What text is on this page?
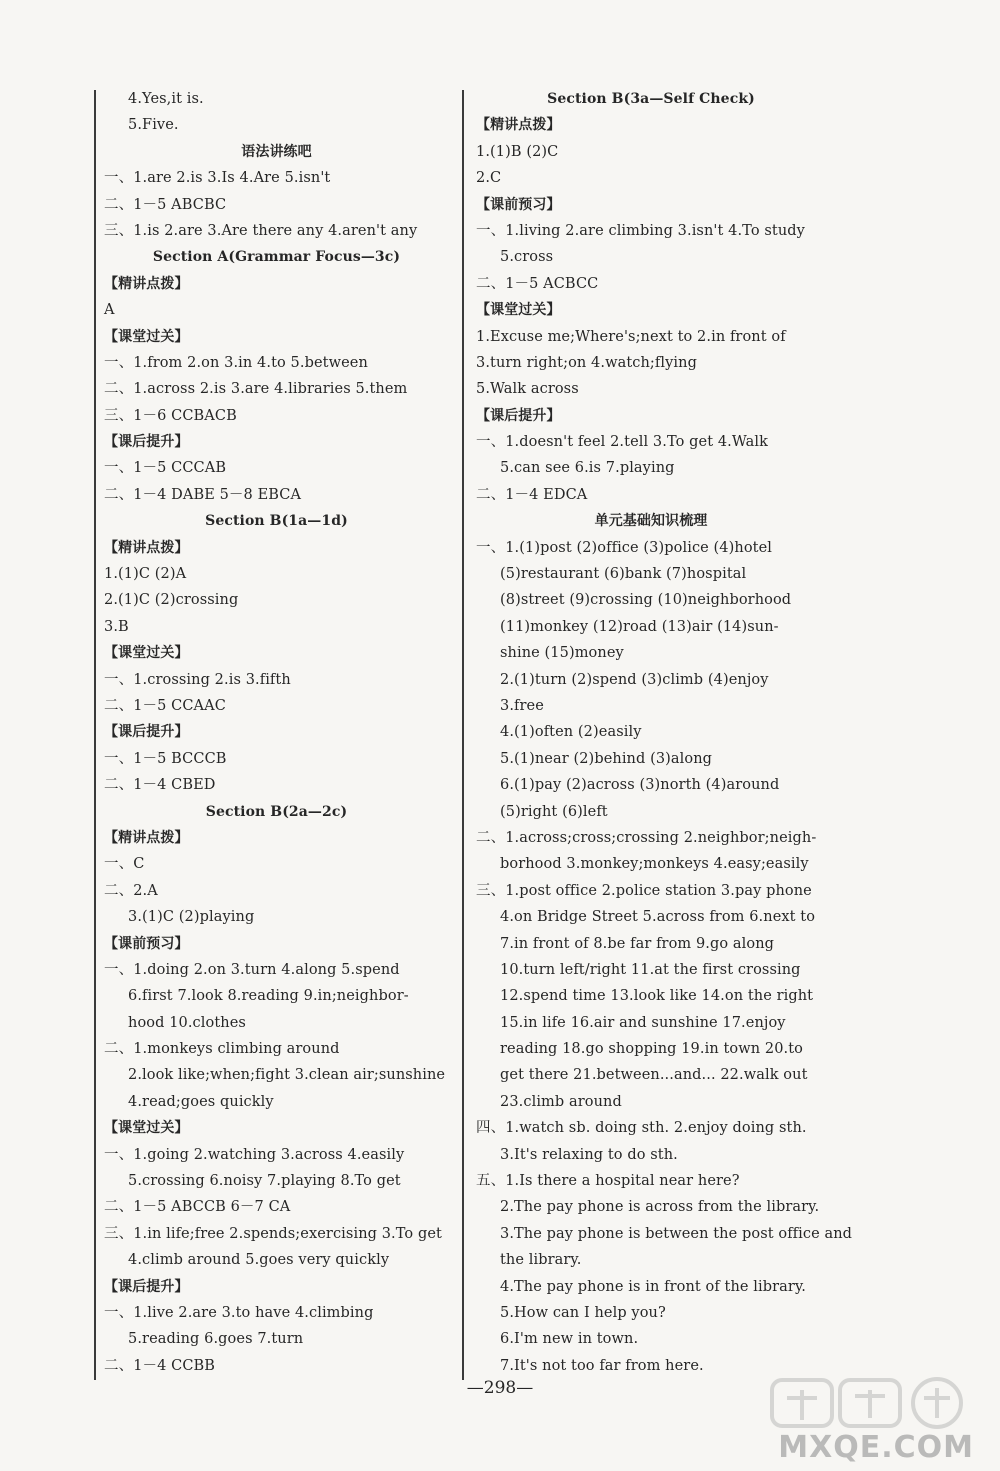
4.Yes,it is.
5.Five.
语法讲练吧
一、1.are 2.is 3.Is 4.Are 5.isn't
二、1－5 ABCBC
三、1.is 2.are 3.Are there any 4.aren't any
Section A(Grammar Focus—3c)
【精讲点拨】
A
【课堂过关】
一、1.from 2.on 3.in 4.to 5.between
二、1.across 2.is 3.are 4.libraries 5.them
三、1－6 CCBACB
【课后提升】
一、1－5 CCCAB
二、1－4 DABE 5－8 EBCA
Section B(1a—1d)
【精讲点拨】
1.(1)C (2)A
2.(1)C (2)crossing
3.B
【课堂过关】
一、1.crossing 2.is 3.fifth
二、1－5 CCAAC
【课后提升】
一、1－5 BCCCB
二、1－4 CBED
Section B(2a—2c)
【精讲点拨】
一、C
二、2.A
3.(1)C (2)playing
【课前预习】
一、1.doing 2.on 3.turn 4.along 5.spend
6.first 7.look 8.reading 9.in;neighbor-
hood 10.clothes
二、1.monkeys climbing around
2.look like;when;fight 3.clean air;sunshine
4.read;goes quickly
【课堂过关】
一、1.going 2.watching 3.across 4.easily
5.crossing 6.noisy 7.playing 8.To get
二、1－5 ABCCB 6－7 CA
三、1.in life;free 2.spends;exercising 3.To get
4.climb around 5.goes very quickly
【课后提升】
一、1.live 2.are 3.to have 4.climbing
5.reading 6.goes 7.turn
二、1－4 CCBB
Section B(3a—Self Check)
【精讲点拨】
1.(1)B (2)C
2.C
【课前预习】
一、1.living 2.are climbing 3.isn't 4.To study
5.cross
二、1－5 ACBCC
【课堂过关】
1.Excuse me;Where's;next to 2.in front of
3.turn right;on 4.watch;flying
5.Walk across
【课后提升】
一、1.doesn't feel 2.tell 3.To get 4.Walk
5.can see 6.is 7.playing
二、1－4 EDCA
单元基础知识梳理
一、1.(1)post (2)office (3)police (4)hotel
(5)restaurant (6)bank (7)hospital
(8)street (9)crossing (10)neighborhood
(11)monkey (12)road (13)air (14)sun-
shine (15)money
2.(1)turn (2)spend (3)climb (4)enjoy
3.free
4.(1)often (2)easily
5.(1)near (2)behind (3)along
6.(1)pay (2)across (3)north (4)around
(5)right (6)left
二、1.across;cross;crossing 2.neighbor;neigh-
borhood 3.monkey;monkeys 4.easy;easily
三、1.post office 2.police station 3.pay phone
4.on Bridge Street 5.across from 6.next to
7.in front of 8.be far from 9.go along
10.turn left/right 11.at the first crossing
12.spend time 13.look like 14.on the right
15.in life 16.air and sunshine 17.enjoy
reading 18.go shopping 19.in town 20.to
get there 21.between...and... 22.walk out
23.climb around
四、1.watch sb. doing sth. 2.enjoy doing sth.
3.It's relaxing to do sth.
五、1.Is there a hospital near here?
2.The pay phone is across from the library.
3.The pay phone is between the post office and
the library.
4.The pay phone is in front of the library.
5.How can I help you?
6.I'm new in town.
7.It's not too far from here.
—298—
MXQE.COM
